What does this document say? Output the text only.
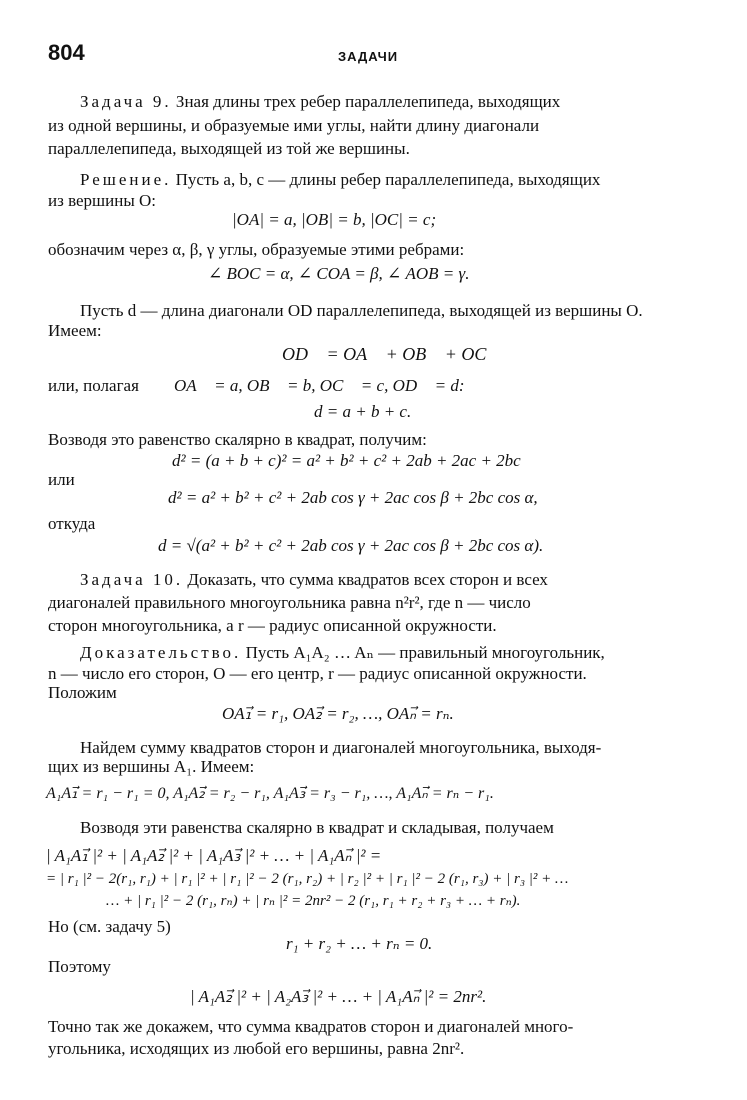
804	ЗАДАЧИ
Задача 9. Зная длины трех ребер параллелепипеда, выходящих
из одной вершины, и образуемые ими углы, найти длину диагонали
параллелепипеда, выходящей из той же вершины.
Решение. Пусть a, b, c — длины ребер параллелепипеда, выходящих
из вершины O:
|OA| = a, |OB| = b, |OC| = c;
обозначим через α, β, γ углы, образуемые этими ребрами:
∠ BOC = α, ∠ COA = β, ∠ AOB = γ.
Пусть d — длина диагонали OD параллелепипеда, выходящей из вершины O.
Имеем:
OD⃗ = OA⃗ + OB⃗ + OC⃗
или, полагая OA⃗ = a, OB⃗ = b, OC⃗ = c, OD⃗ = d:
d = a + b + c.
Возводя это равенство скалярно в квадрат, получим:
d² = (a + b + c)² = a² + b² + c² + 2ab + 2ac + 2bc
или
d² = a² + b² + c² + 2ab cos γ + 2ac cos β + 2bc cos α,
откуда
d = √(a² + b² + c² + 2ab cos γ + 2ac cos β + 2bc cos α).
Задача 10. Доказать, что сумма квадратов всех сторон и всех
диагоналей правильного многоугольника равна n²r², где n — число
сторон многоугольника, а r — радиус описанной окружности.
Доказательство. Пусть A₁A₂ … Aₙ — правильный многоугольник,
n — число его сторон, O — его центр, r — радиус описанной окружности.
Положим
OA₁⃗ = r₁, OA₂⃗ = r₂, …, OAₙ⃗ = rₙ.
Найдем сумму квадратов сторон и диагоналей многоугольника, выходя-
щих из вершины A₁. Имеем:
A₁A₁⃗ = r₁ − r₁ = 0, A₁A₂⃗ = r₂ − r₁, A₁A₃⃗ = r₃ − r₁, …, A₁Aₙ⃗ = rₙ − r₁.
Возводя эти равенства скалярно в квадрат и складывая, получаем
| A₁A₁⃗ |² + | A₁A₂⃗ |² + | A₁A₃⃗ |² + … + | A₁Aₙ⃗ |² =
= | r₁ |² − 2(r₁, r₁) + | r₁ |² + | r₁ |² − 2 (r₁, r₂) + | r₂ |² + | r₁ |² − 2 (r₁, r₃) + | r₃ |² + …
… + | r₁ |² − 2 (r₁, rₙ) + | rₙ |² = 2nr² − 2 (r₁, r₁ + r₂ + r₃ + … + rₙ).
Но (см. задачу 5)
r₁ + r₂ + … + rₙ = 0.
Поэтому
| A₁A₂⃗ |² + | A₂A₃⃗ |² + … + | A₁Aₙ⃗ |² = 2nr².
Точно так же докажем, что сумма квадратов сторон и диагоналей много-
угольника, исходящих из любой его вершины, равна 2nr².
